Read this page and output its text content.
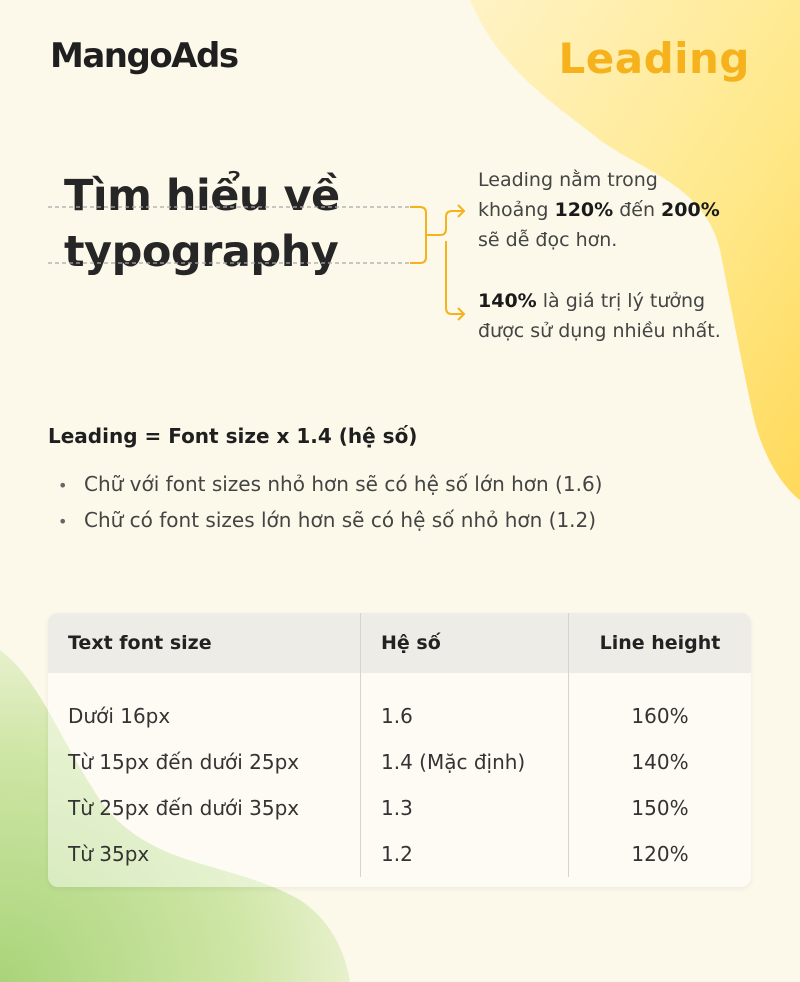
MangoAds	Leading
Tìm hiểu về
typography
Leading nằm trong
khoảng 120% đến 200%
sẽ dễ đọc hơn.
140% là giá trị lý tưởng
được sử dụng nhiều nhất.
Leading = Font size x 1.4 (hệ số)
• Chữ với font sizes nhỏ hơn sẽ có hệ số lớn hơn (1.6)
• Chữ có font sizes lớn hơn sẽ có hệ số nhỏ hơn (1.2)
Text font size	Hệ số	Line height
Dưới 16px	1.6	160%
Từ 15px đến dưới 25px	1.4 (Mặc định)	140%
Từ 25px đến dưới 35px	1.3	150%
Từ 35px	1.2	120%
